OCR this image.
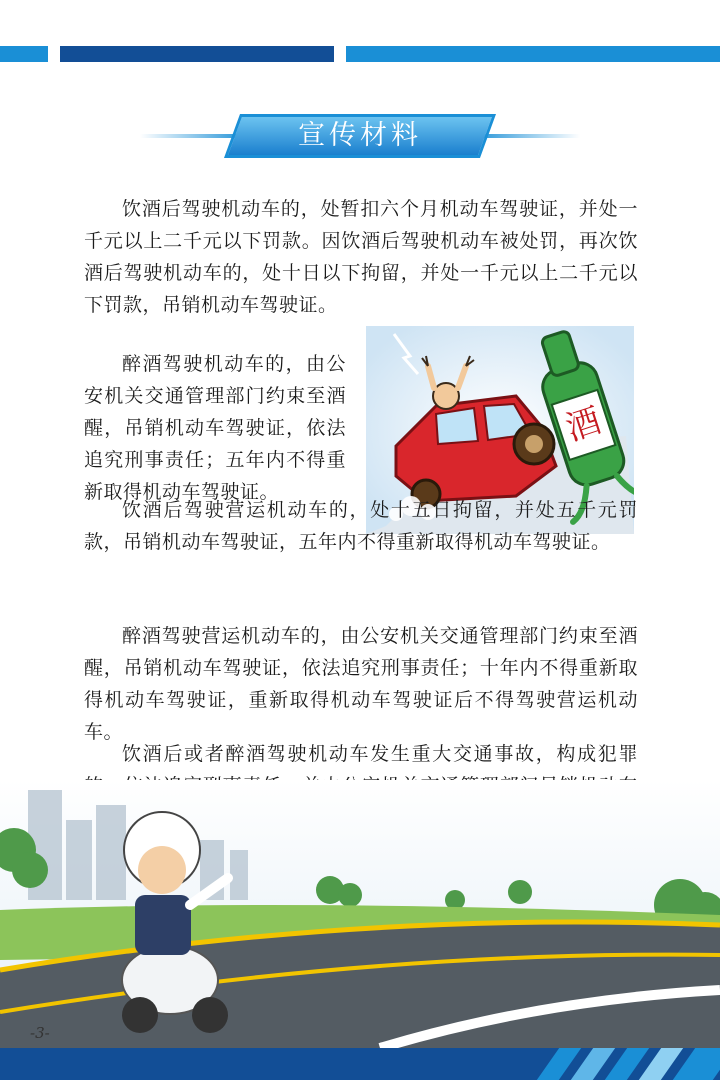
宣传材料

饮酒后驾驶机动车的，处暂扣六个月机动车驾驶证，并处一千元以上二千元以下罚款。因饮酒后驾驶机动车被处罚，再次饮酒后驾驶机动车的，处十日以下拘留，并处一千元以上二千元以下罚款，吊销机动车驾驶证。

醉酒驾驶机动车的，由公安机关交通管理部门约束至酒醒，吊销机动车驾驶证，依法追究刑事责任；五年内不得重新取得机动车驾驶证。

酒

饮酒后驾驶营运机动车的，处十五日拘留，并处五千元罚款，吊销机动车驾驶证，五年内不得重新取得机动车驾驶证。

醉酒驾驶营运机动车的，由公安机关交通管理部门约束至酒醒，吊销机动车驾驶证，依法追究刑事责任；十年内不得重新取得机动车驾驶证，重新取得机动车驾驶证后不得驾驶营运机动车。

饮酒后或者醉酒驾驶机动车发生重大交通事故，构成犯罪

-3-
